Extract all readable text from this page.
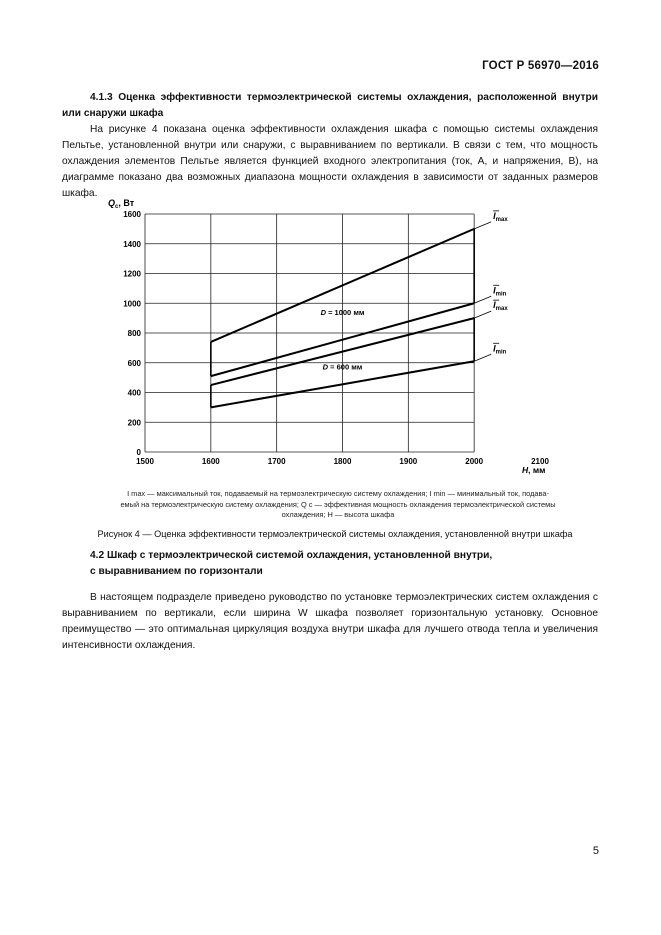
ГОСТ Р 56970—2016
4.1.3 Оценка эффективности термоэлектрической системы охлаждения, расположенной внутри или снаружи шкафа
На рисунке 4 показана оценка эффективности охлаждения шкафа с помощью системы охлаждения Пельтье, установленной внутри или снаружи, с выравниванием по вертикали. В связи с тем, что мощность охлаждения элементов Пельтье является функцией входного электропитания (ток, А, и напряжения, В), на диаграмме показано два возможных диапазона мощности охлаждения в зависимости от заданных размеров шкафа.
0
200
400
600
800
1000
1200
1400
1600
1500	1600	1700	1800	1900	2000	2100
$I_{max}$
$I_{min}$
$I_{max}$
$I_{min}$
D = 1000 мм
D = 600 мм
$Q_c$, Вт
H, мм
I max — максимальный ток, подаваемый на термоэлектрическую систему охлаждения; I min — минимальный ток, подава-
емый на термоэлектрическую систему охлаждения; Q c — эффективная мощность охлаждения термоэлектрической системы
охлаждения; H — высота шкафа
Рисунок 4 — Оценка эффективности термоэлектрической системы охлаждения, установленной внутри шкафа
4.2 Шкаф с термоэлектрической системой охлаждения, установленной внутри,
с выравниванием по горизонтали
В настоящем подразделе приведено руководство по установке термоэлектрических систем охлаждения с выравниванием по вертикали, если ширина W шкафа позволяет горизонтальную установку. Основное преимущество — это оптимальная циркуляция воздуха внутри шкафа для лучшего отвода тепла и увеличения интенсивности охлаждения.
5
